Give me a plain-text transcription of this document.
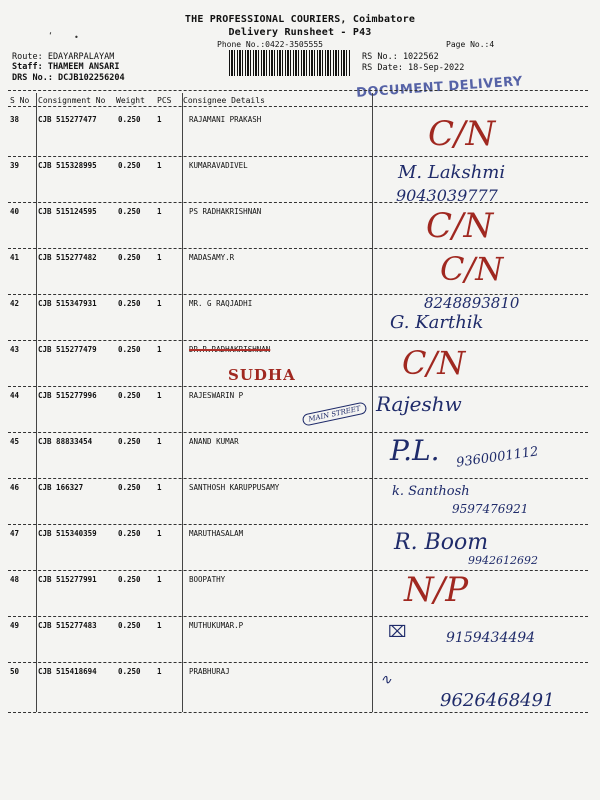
THE PROFESSIONAL COURIERS, Coimbatore
Delivery Runsheet - P43
Phone No.:0422-3505555	Page No.:4
‘	•
Route: EDAYARPALAYAM
Staff: THAMEEM ANSARI
DRS No.: DCJB102256204
RS No.: 1022562
RS Date: 18-Sep-2022
DOCUMENT DELIVERY
S No Consignment No Weight PCS Consignee Details
38	CJB 515277477	0.250 1	RAJAMANI PRAKASH	C/N
39	CJB 515328995	0.250 1	KUMARAVADIVEL	M. Lakshmi
9043039777
40	CJB 515124595	0.250 1	PS RADHAKRISHNAN	C/N
41	CJB 515277482	0.250 1	MADASAMY.R	C/N
42	CJB 515347931	0.250 1	MR. G RAQJADHI	8248893810
G. Karthik
43	CJB 515277479	0.250 1	DR.R.RADHAKRISHNAN
SUDHA	C/N
44	CJB 515277996	0.250 1	RAJESWARIN P
MAIN STREET Rajeshw
45	CJB 88833454	0.250 1	ANAND KUMAR	P.L. 9360001112
46	CJB 166327	0.250 1	SANTHOSH KARUPPUSAMY	k. Santhosh
9597476921
47	CJB 515340359	0.250 1	MARUTHASALAM	R. Boom
9942612692
48	CJB 515277991	0.250 1	BOOPATHY	N/P
49	CJB 515277483	0.250 1	MUTHUKUMAR.P	⌧	9159434494
50	CJB 515418694	0.250 1	PRABHURAJ
∿
9626468491
